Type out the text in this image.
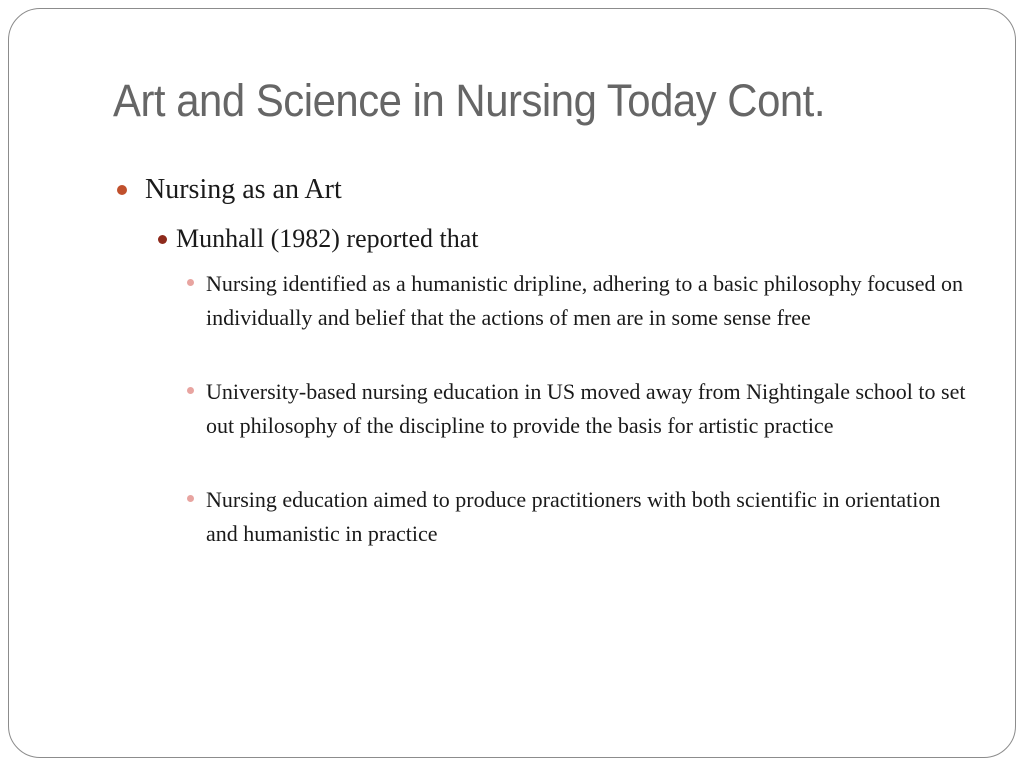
Art and Science in Nursing Today Cont.
Nursing as an Art
Munhall (1982) reported that
Nursing identified as a humanistic dripline, adhering to a basic philosophy focused on individually and belief that the actions of men are in some sense free
University-based nursing education in US moved away from Nightingale school to set out philosophy of the discipline to provide the basis for artistic practice
Nursing education aimed to produce practitioners with both scientific in orientation and humanistic in practice
